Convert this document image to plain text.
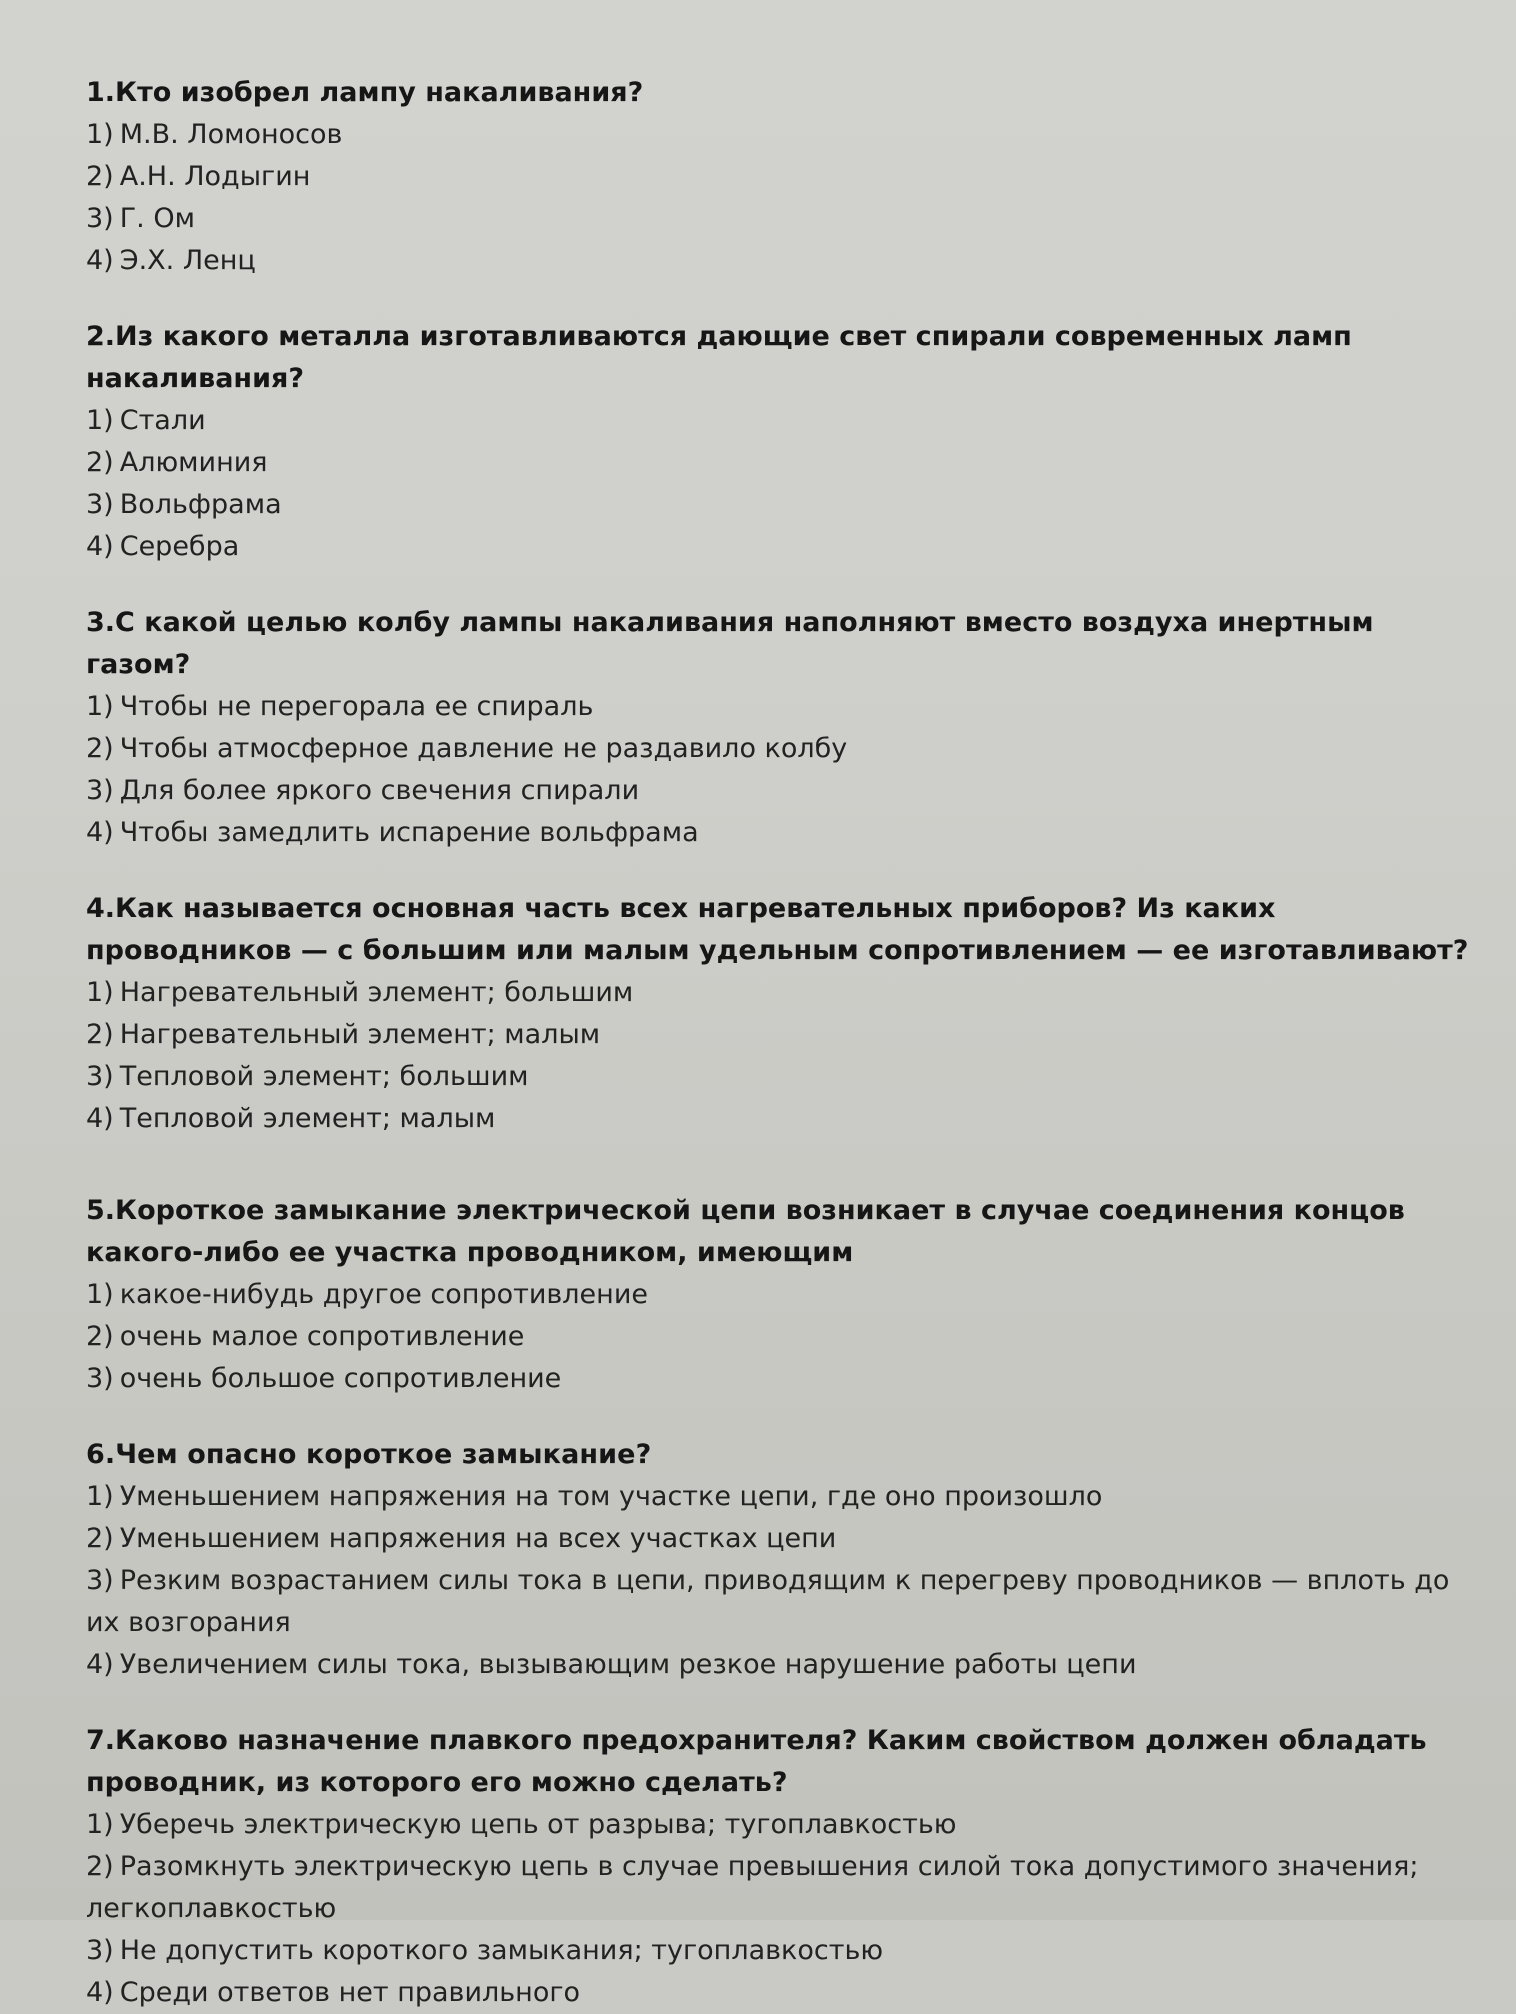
1.Кто изобрел лампу накаливания?

1) М.В. Ломоносов
2) А.Н. Лодыгин
3) Г. Ом
4) Э.Х. Ленц

2.Из какого металла изготавливаются дающие свет спирали современных ламп накаливания?

1) Стали
2) Алюминия
3) Вольфрама
4) Серебра

3.С какой целью колбу лампы накаливания наполняют вместо воздуха инертным газом?

1) Чтобы не перегорала ее спираль
2) Чтобы атмосферное давление не раздавило колбу
3) Для более яркого свечения спирали
4) Чтобы замедлить испарение вольфрама

4.Как называется основная часть всех нагревательных приборов? Из каких проводников — с большим или малым удельным сопротивлением — ее изготавливают?

1) Нагревательный элемент; большим
2) Нагревательный элемент; малым
3) Тепловой элемент; большим
4) Тепловой элемент; малым

5.Короткое замыкание электрической цепи возникает в случае соединения концов какого-либо ее участка проводником, имеющим

1) какое-нибудь другое сопротивление
2) очень малое сопротивление
3) очень большое сопротивление

6.Чем опасно короткое замыкание?

1) Уменьшением напряжения на том участке цепи, где оно произошло
2) Уменьшением напряжения на всех участках цепи
3) Резким возрастанием силы тока в цепи, приводящим к перегреву проводников — вплоть до их возгорания
4) Увеличением силы тока, вызывающим резкое нарушение работы цепи

7.Каково назначение плавкого предохранителя? Каким свойством должен обладать проводник, из которого его можно сделать?

1) Уберечь электрическую цепь от разрыва; тугоплавкостью
2) Разомкнуть электрическую цепь в случае превышения силой тока допустимого значения; легкоплавкостью
3) Не допустить короткого замыкания; тугоплавкостью
4) Среди ответов нет правильного
